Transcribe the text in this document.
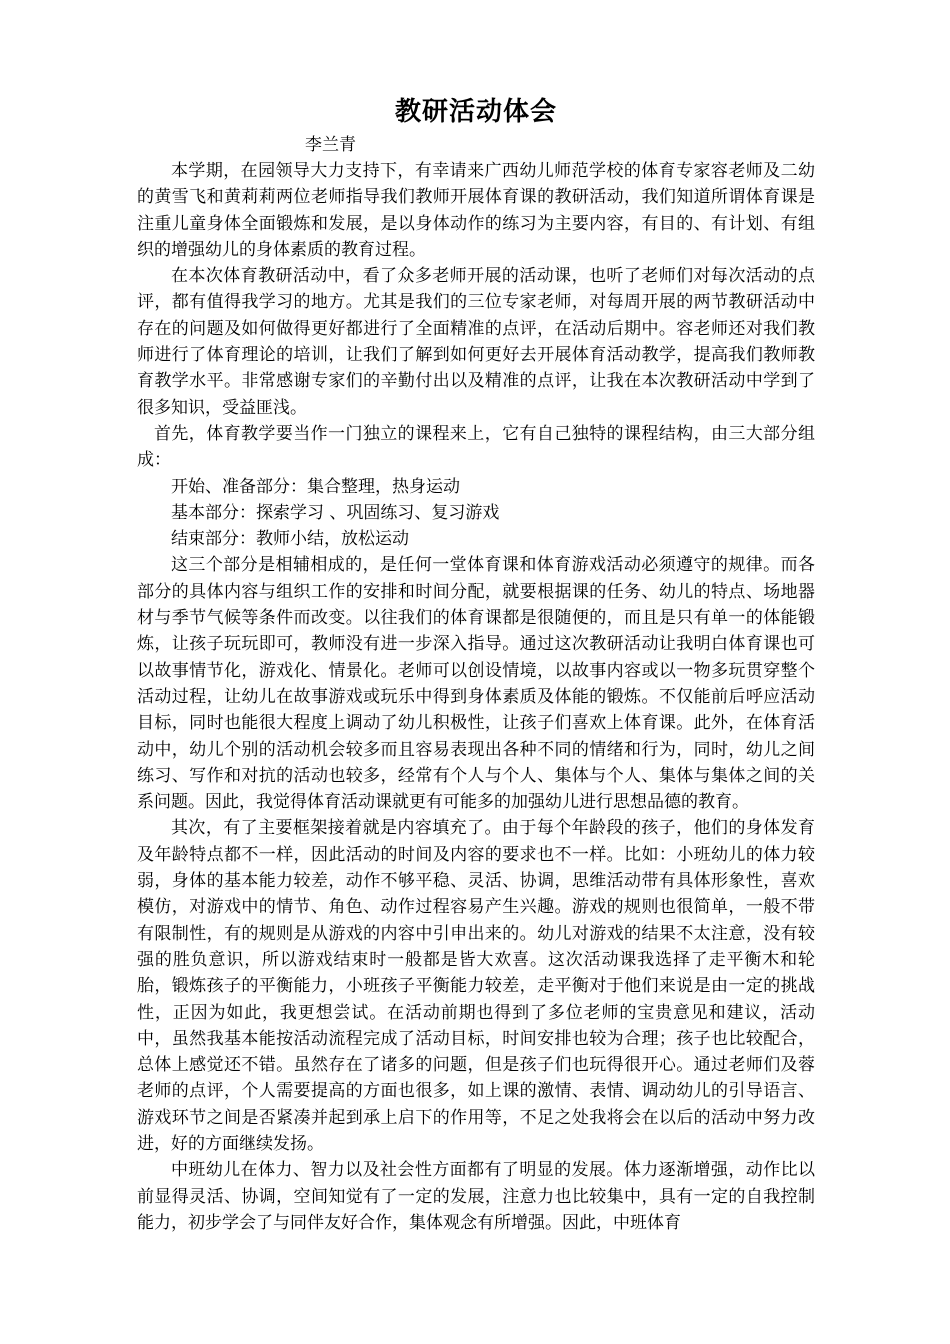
教研活动体会

李兰青

本学期，在园领导大力支持下，有幸请来广西幼儿师范学校的体育专家容老师及二幼的黄雪飞和黄莉莉两位老师指导我们教师开展体育课的教研活动，我们知道所谓体育课是注重儿童身体全面锻炼和发展，是以身体动作的练习为主要内容，有目的、有计划、有组织的增强幼儿的身体素质的教育过程。

在本次体育教研活动中，看了众多老师开展的活动课，也听了老师们对每次活动的点评，都有值得我学习的地方。尤其是我们的三位专家老师，对每周开展的两节教研活动中存在的问题及如何做得更好都进行了全面精准的点评，在活动后期中。容老师还对我们教师进行了体育理论的培训，让我们了解到如何更好去开展体育活动教学，提高我们教师教育教学水平。非常感谢专家们的辛勤付出以及精准的点评，让我在本次教研活动中学到了很多知识，受益匪浅。

首先，体育教学要当作一门独立的课程来上，它有自己独特的课程结构，由三大部分组成：

开始、准备部分：集合整理，热身运动

基本部分：探索学习 、巩固练习、复习游戏

结束部分：教师小结，放松运动

这三个部分是相辅相成的，是任何一堂体育课和体育游戏活动必须遵守的规律。而各部分的具体内容与组织工作的安排和时间分配，就要根据课的任务、幼儿的特点、场地器材与季节气候等条件而改变。以往我们的体育课都是很随便的，而且是只有单一的体能锻炼，让孩子玩玩即可，教师没有进一步深入指导。通过这次教研活动让我明白体育课也可以故事情节化，游戏化、情景化。老师可以创设情境，以故事内容或以一物多玩贯穿整个活动过程，让幼儿在故事游戏或玩乐中得到身体素质及体能的锻炼。不仅能前后呼应活动目标，同时也能很大程度上调动了幼儿积极性，让孩子们喜欢上体育课。此外，在体育活动中，幼儿个别的活动机会较多而且容易表现出各种不同的情绪和行为，同时，幼儿之间练习、写作和对抗的活动也较多，经常有个人与个人、集体与个人、集体与集体之间的关系问题。因此，我觉得体育活动课就更有可能多的加强幼儿进行思想品德的教育。

其次，有了主要框架接着就是内容填充了。由于每个年龄段的孩子，他们的身体发育及年龄特点都不一样，因此活动的时间及内容的要求也不一样。比如：小班幼儿的体力较弱，身体的基本能力较差，动作不够平稳、灵活、协调，思维活动带有具体形象性，喜欢模仿，对游戏中的情节、角色、动作过程容易产生兴趣。游戏的规则也很简单，一般不带有限制性，有的规则是从游戏的内容中引申出来的。幼儿对游戏的结果不太注意，没有较强的胜负意识，所以游戏结束时一般都是皆大欢喜。这次活动课我选择了走平衡木和轮胎，锻炼孩子的平衡能力，小班孩子平衡能力较差，走平衡对于他们来说是由一定的挑战性，正因为如此，我更想尝试。在活动前期也得到了多位老师的宝贵意见和建议，活动中，虽然我基本能按活动流程完成了活动目标，时间安排也较为合理；孩子也比较配合，总体上感觉还不错。虽然存在了诸多的问题，但是孩子们也玩得很开心。通过老师们及蓉老师的点评，个人需要提高的方面也很多，如上课的激情、表情、调动幼儿的引导语言、游戏环节之间是否紧凑并起到承上启下的作用等，不足之处我将会在以后的活动中努力改进，好的方面继续发扬。

中班幼儿在体力、智力以及社会性方面都有了明显的发展。体力逐渐增强，动作比以前显得灵活、协调，空间知觉有了一定的发展，注意力也比较集中，具有一定的自我控制能力，初步学会了与同伴友好合作，集体观念有所增强。因此，中班体育
